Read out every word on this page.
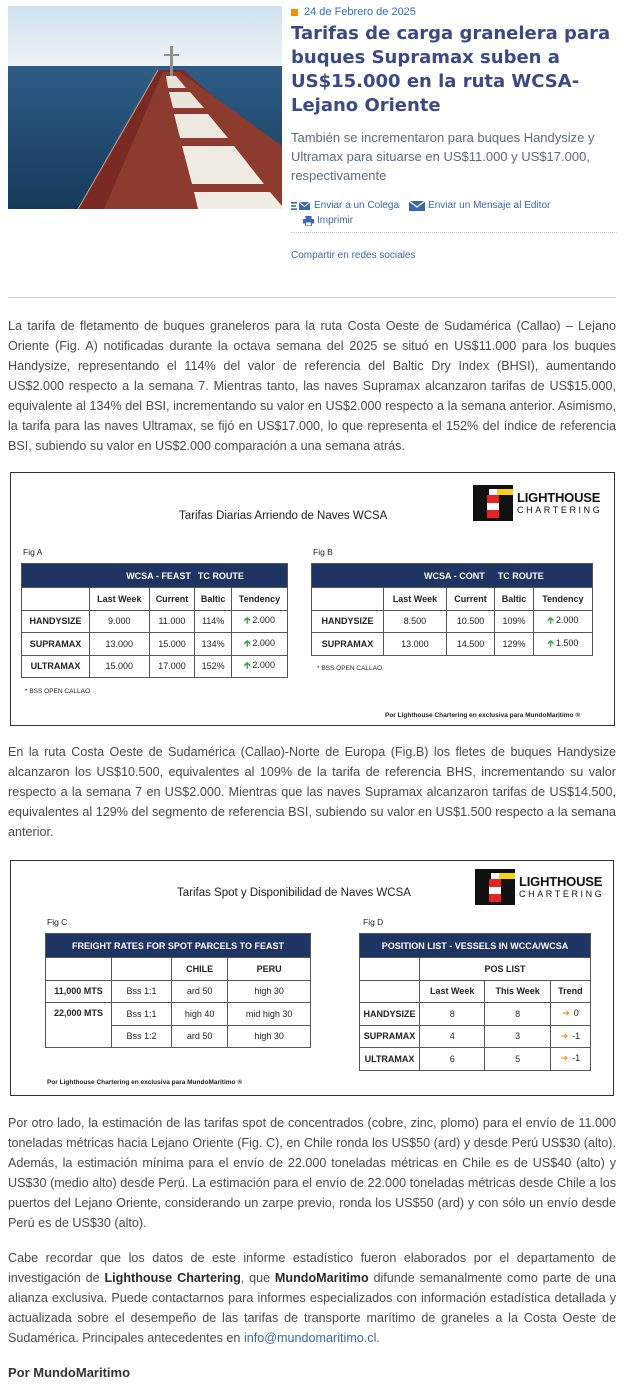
24 de Febrero de 2025
Tarifas de carga granelera para buques Supramax suben a US$15.000 en la ruta WCSA-Lejano Oriente
También se incrementaron para buques Handysize y Ultramax para situarse en US$11.000 y US$17.000, respectivamente
Enviar a un Colega	Enviar un Mensaje al Editor
Imprimir
Compartir en redes sociales
La tarifa de fletamento de buques graneleros para la ruta Costa Oeste de Sudamérica (Callao) – Lejano Oriente (Fig. A) notificadas durante la octava semana del 2025 se situó en US$11.000 para los buques Handysize, representando el 114% del valor de referencia del Baltic Dry Index (BHSI), aumentando US$2.000 respecto a la semana 7. Mientras tanto, las naves Supramax alcanzaron tarifas de US$15.000, equivalente al 134% del BSI, incrementando su valor en US$2.000 respecto a la semana anterior. Asimismo, la tarifa para las naves Ultramax, se fijó en US$17.000, lo que representa el 152% del índice de referencia BSI, subiendo su valor en US$2.000 comparación a una semana atrás.
Tarifas Diarias Arriendo de Naves WCSA
LIGHTHOUSE
CHARTERING
Fig A
WCSA - FEAST			TC ROUTE	
	Last Week	Current	Baltic	Tendency
HANDYSIZE	9.000	11.000	114%	🡱 2.000
SUPRAMAX	13.000	15.000	134%	🡱 2.000
ULTRAMAX	15.000	17.000	152%	🡱 2.000
* BSS OPEN CALLAO
Fig B
WCSA - CONT			TC ROUTE	
	Last Week	Current	Baltic	Tendency
HANDYSIZE	8.500	10.500	109%	🡱 2.000
SUPRAMAX	13.000	14.500	129%	🡱 1.500
* BSS OPEN CALLAO
Por Lighthouse Chartering en exclusiva para MundoMaritimo ®
En la ruta Costa Oeste de Sudamérica (Callao)-Norte de Europa (Fig.B) los fletes de buques Handysize alcanzaron los US$10.500, equivalentes al 109% de la tarifa de referencia BHS, incrementando su valor respecto a la semana 7 en US$2.000. Mientras que las naves Supramax alcanzaron tarifas de US$14.500, equivalentes al 129% del segmento de referencia BSI, subiendo su valor en US$1.500 respecto a la semana anterior.
Tarifas Spot y Disponibilidad de Naves WCSA
LIGHTHOUSE
CHARTERING
Fig C
FREIGHT RATES FOR SPOT PARCELS TO FEAST			
		CHILE	PERU
11,000 MTS	Bss 1:1	ard 50	high 30
22,000 MTS	Bss 1:1	high 40	mid high 30
	Bss 1:2	ard 50	high 30
Fig D
POSITION LIST - VESSELS IN WCCA/WCSA			
	POS LIST		
	Last Week	This Week	Trend
HANDYSIZE	8	8	➔ 0
SUPRAMAX	4	3	➔ -1
ULTRAMAX	6	5	➔ -1
Por Lighthouse Chartering en exclusiva para MundoMaritimo ®
Por otro lado, la estimación de las tarifas spot de concentrados (cobre, zinc, plomo) para el envío de 11.000 toneladas métricas hacia Lejano Oriente (Fig. C), en Chile ronda los US$50 (ard) y desde Perú US$30 (alto). Además, la estimación mínima para el envío de 22.000 toneladas métricas en Chile es de US$40 (alto) y US$30 (medio alto) desde Perú. La estimación para el envío de 22.000 toneladas métricas desde Chile a los puertos del Lejano Oriente, considerando un zarpe previo, ronda los US$50 (ard) y con sólo un envío desde Perú es de US$30 (alto).
Cabe recordar que los datos de este informe estadístico fueron elaborados por el departamento de investigación de Lighthouse Chartering, que MundoMaritimo difunde semanalmente como parte de una alianza exclusiva. Puede contactarnos para informes especializados con información estadística detallada y actualizada sobre el desempeño de las tarifas de transporte marítimo de graneles a la Costa Oeste de Sudamérica. Principales antecedentes en info@mundomaritimo.cl.
Por MundoMaritimo
